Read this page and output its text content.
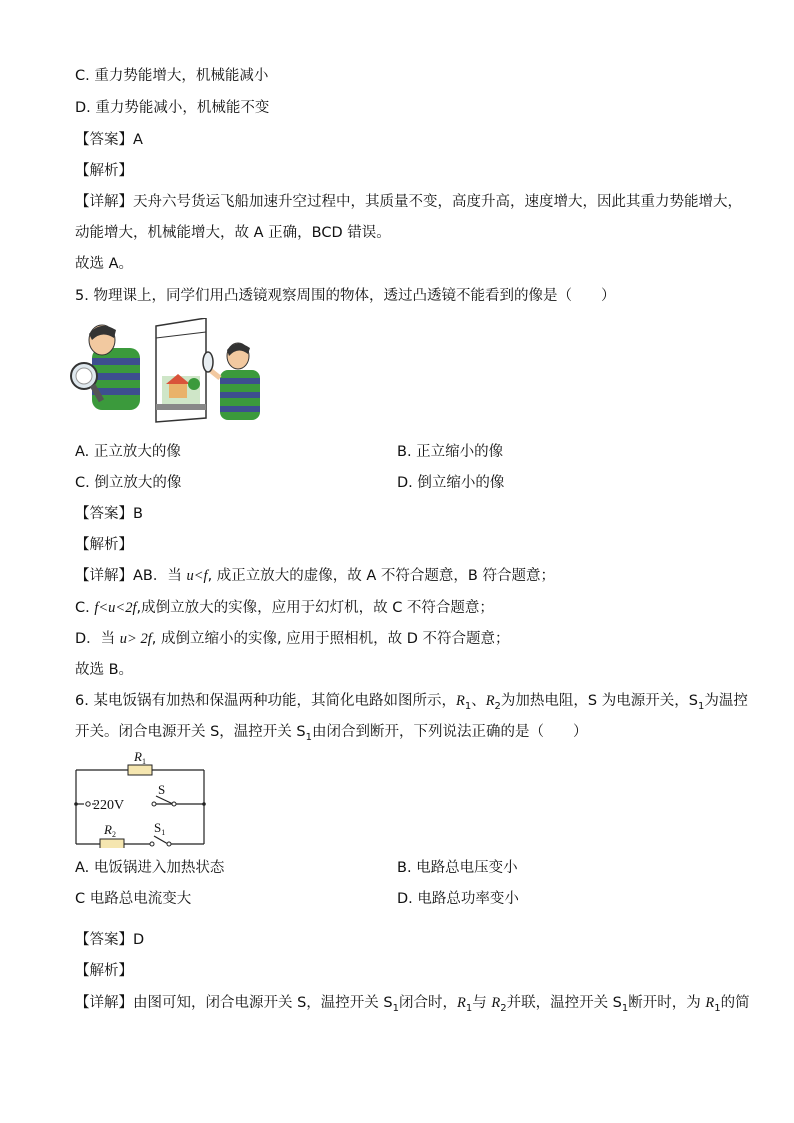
C. 重力势能增大，机械能减小
D. 重力势能减小，机械能不变
【答案】A
【解析】
【详解】天舟六号货运飞船加速升空过程中，其质量不变，高度升高，速度增大，因此其重力势能增大，
动能增大，机械能增大，故 A 正确，BCD 错误。
故选 A。
5. 物理课上，同学们用凸透镜观察周围的物体，透过凸透镜不能看到的像是（　　）
A. 正立放大的像	B. 正立缩小的像
C. 倒立放大的像	D. 倒立缩小的像
【答案】B
【解析】
【详解】AB．当 u<f, 成正立放大的虚像，故 A 不符合题意，B 符合题意；
C. f<u<2f,成倒立放大的实像，应用于幻灯机，故 C 不符合题意；
D．当 u> 2f, 成倒立缩小的实像, 应用于照相机，故 D 不符合题意；
故选 B。
6. 某电饭锅有加热和保温两种功能，其简化电路如图所示，$R_1$、$R_2$为加热电阻，S 为电源开关，$S_1$为温控
开关。闭合电源开关 S，温控开关 $S_1$由闭合到断开，下列说法正确的是（　　）
$R_1$
220V
S
$R_2$	$S_1$
A. 电饭锅进入加热状态	B. 电路总电压变小
C 电路总电流变大	D. 电路总功率变小
【答案】D
【解析】
【详解】由图可知，闭合电源开关 S，温控开关 $S_1$闭合时，$R_1$与 $R_2$并联，温控开关 $S_1$断开时，为 $R_1$的简
